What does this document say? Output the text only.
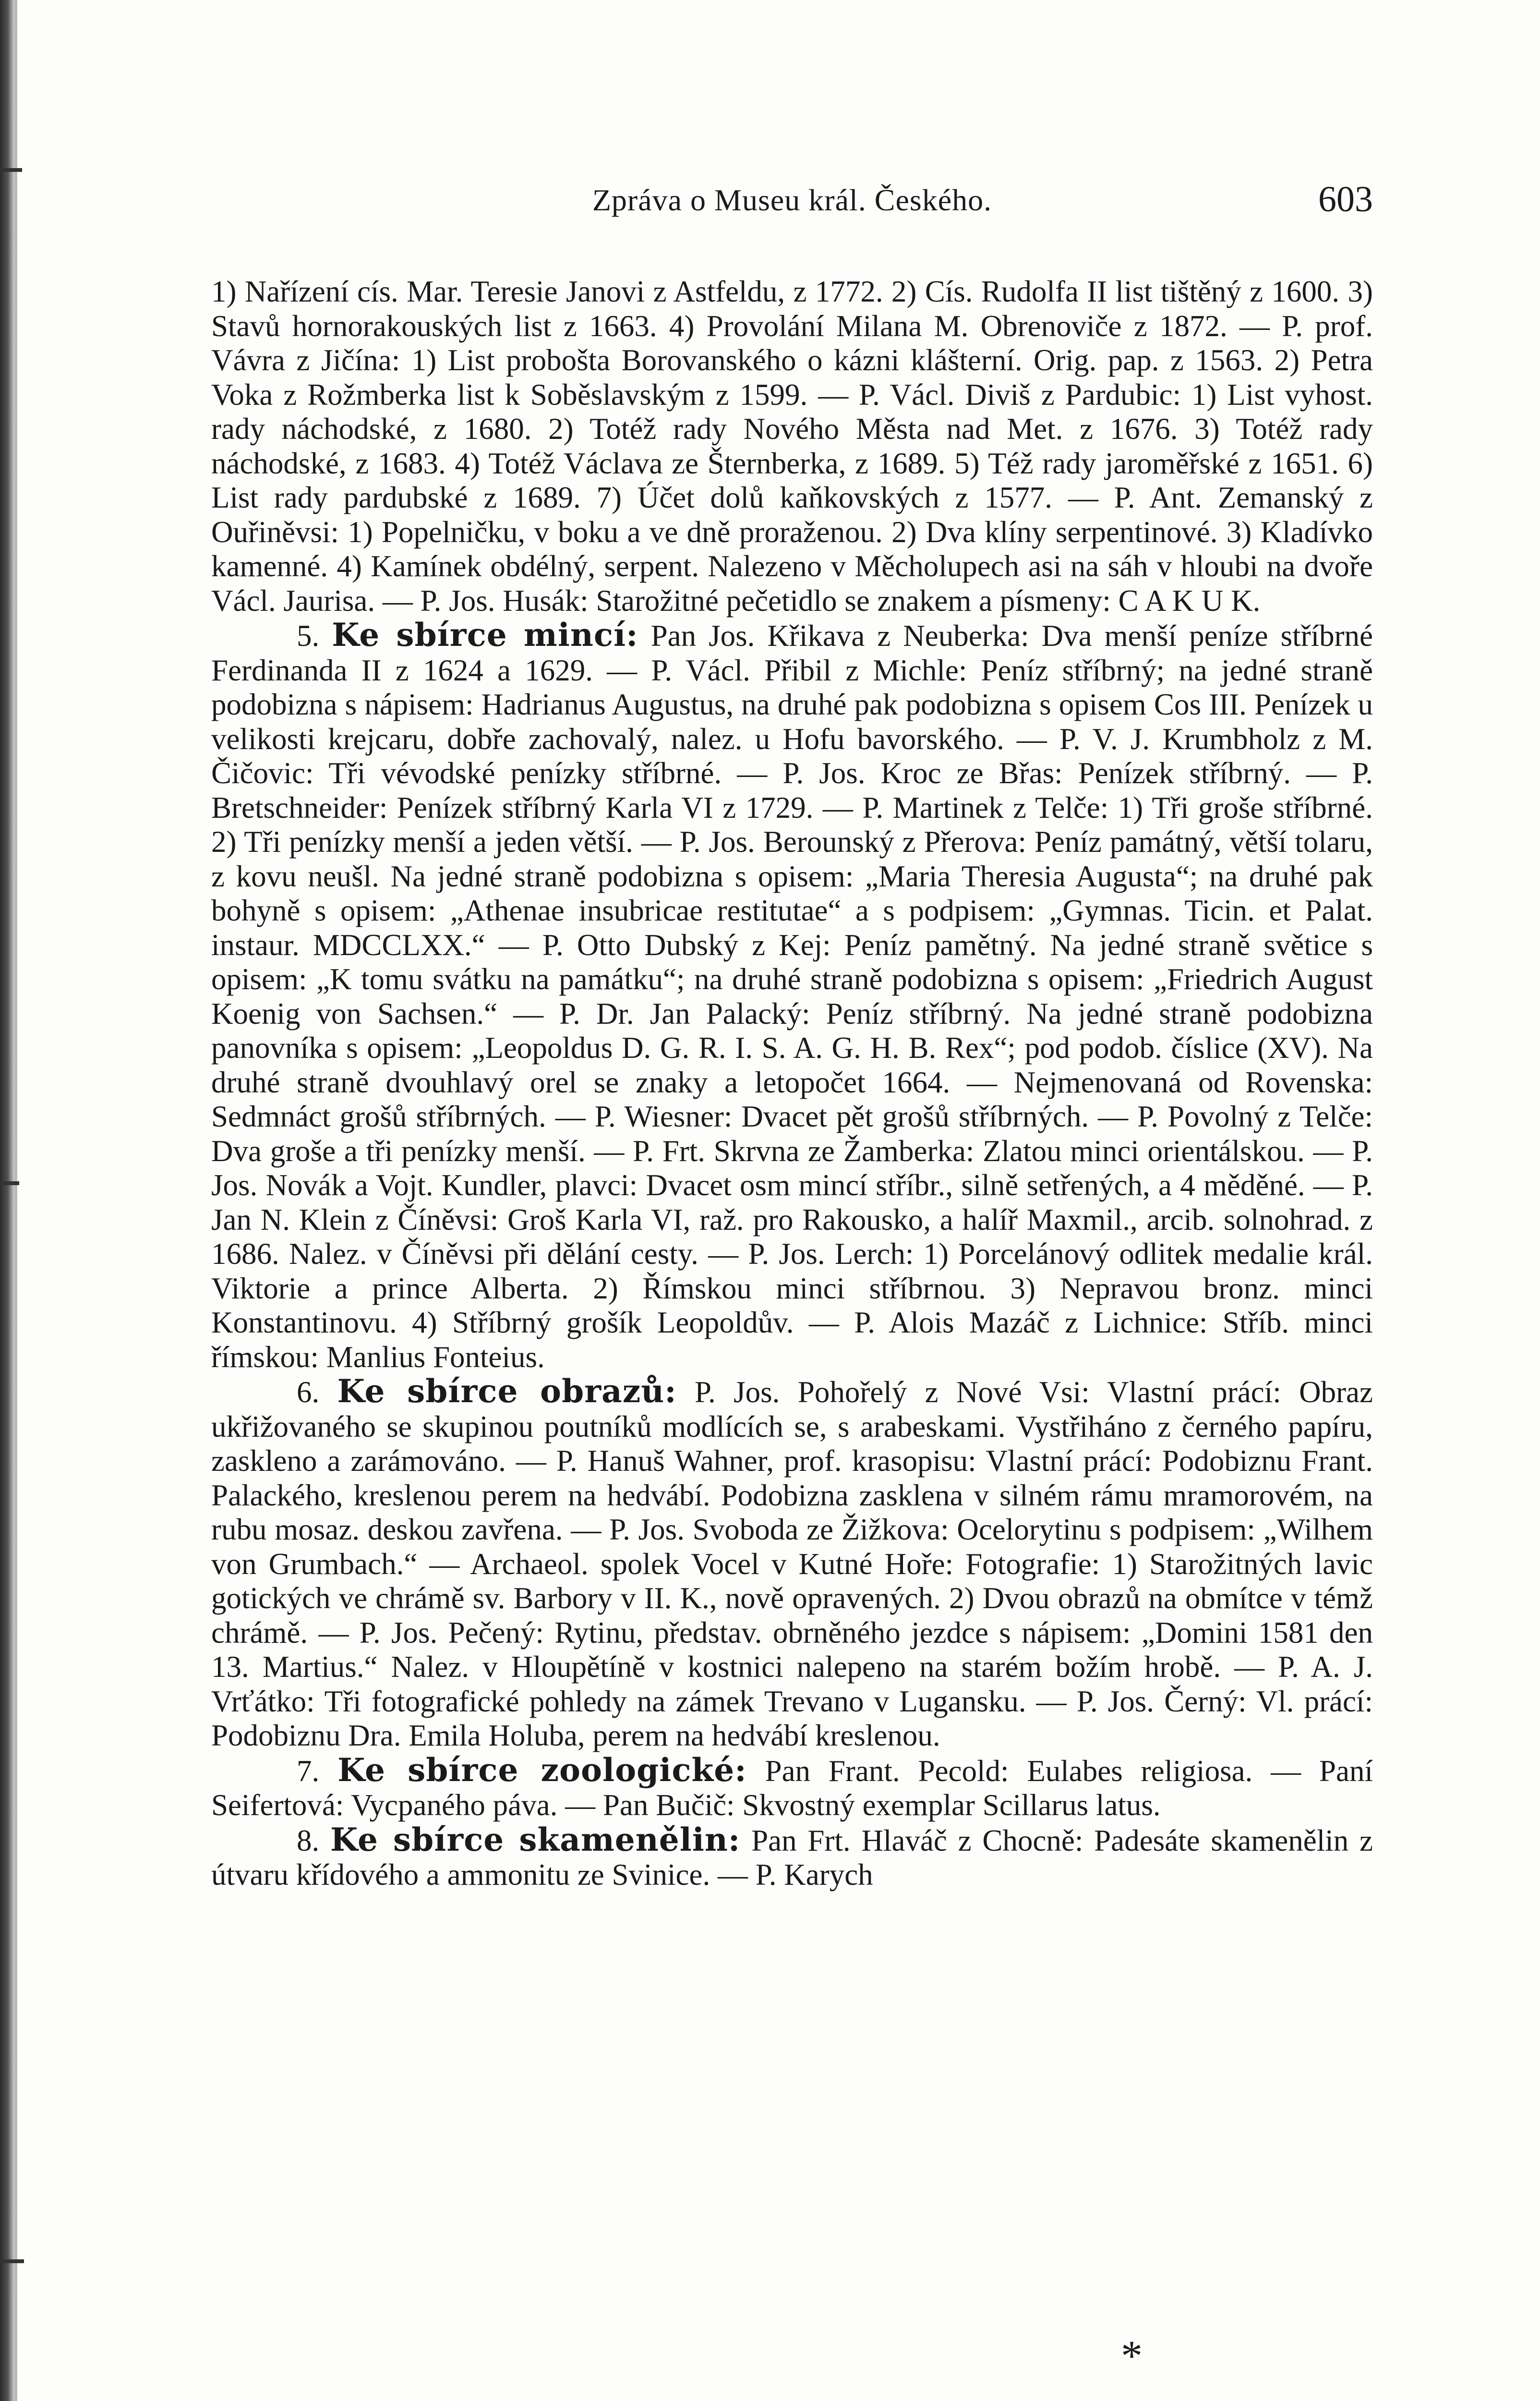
Zpráva o Museu král. Českého.	603

1) Nařízení cís. Mar. Teresie Janovi z Astfeldu, z 1772. 2) Cís. Rudolfa II list tištěný z 1600. 3) Stavů hornorakouských list z 1663. 4) Provolání Milana M. Obrenoviče z 1872. — P. prof. Vávra z Jičína: 1) List proboštа Borovanského o kázni klášterní. Orig. pap. z 1563. 2) Petra Voka z Rožmberka list k Soběslavským z 1599. — P. Václ. Diviš z Pardubic: 1) List vyhost. rady náchodské, z 1680. 2) Totéž rady Nového Města nad Met. z 1676. 3) Totéž rady náchodské, z 1683. 4) Totéž Václava ze Šternberka, z 1689. 5) Též rady jaroměřské z 1651. 6) List rady pardubské z 1689. 7) Účet dolů kaňkovských z 1577. — P. Ant. Zemanský z Ouřiněvsi: 1) Popelničku, v boku a ve dně proraženou. 2) Dva klíny serpentinové. 3) Kladívko kamenné. 4) Kamínek obdélný, serpent. Nalezeno v Měcholupech asi na sáh v hloubi na dvoře Václ. Jaurisa. — P. Jos. Husák: Starožitné pečetidlo se znakem a písmeny: C A K U K.

5. Ke sbírce mincí: Pan Jos. Křikava z Neuberka: Dva menší peníze stříbrné Ferdinanda II z 1624 a 1629. — P. Václ. Přibil z Michle: Peníz stříbrný; na jedné straně podobizna s nápisem: Hadrianus Augustus, na druhé pak podobizna s opisem Cos III. Penízek u velikosti krejcaru, dobře zachovalý, nalez. u Hofu bavorského. — P. V. J. Krumbholz z M. Čičovic: Tři vévodské penízky stříbrné. — P. Jos. Kroc ze Břas: Penízek stříbrný. — P. Bretschneider: Penízek stříbrný Karla VI z 1729. — P. Martinek z Telče: 1) Tři groše stříbrné. 2) Tři penízky menší a jeden větší. — P. Jos. Berounský z Přerova: Peníz památný, větší tolaru, z kovu neušl. Na jedné straně podobizna s opisem: „Maria Theresia Augusta“; na druhé pak bohyně s opisem: „Athenae insubricae restitutae“ a s podpisem: „Gymnas. Ticin. et Palat. instaur. MDCCLXX.“ — P. Otto Dubský z Kej: Peníz pamětný. Na jedné straně světice s opisem: „K tomu svátku na památku“; na druhé straně podobizna s opisem: „Friedrich August Koenig von Sachsen.“ — P. Dr. Jan Palacký: Peníz stříbrný. Na jedné straně podobizna panovníka s opisem: „Leopoldus D. G. R. I. S. A. G. H. B. Rex“; pod podob. číslice (XV). Na druhé straně dvouhlavý orel se znaky a letopočet 1664. — Nejmenovaná od Rovenska: Sedmnáct grošů stříbrných. — P. Wiesner: Dvacet pět grošů stříbrných. — P. Povolný z Telče: Dva groše a tři penízky menší. — P. Frt. Skrvna ze Žamberka: Zlatou minci orientálskou. — P. Jos. Novák a Vojt. Kundler, plavci: Dvacet osm mincí stříbr., silně setřených, a 4 měděné. — P. Jan N. Klein z Číněvsi: Groš Karla VI, raž. pro Rakousko, a halíř Maxmil., arcib. solnohrad. z 1686. Nalez. v Číněvsi při dělání cesty. — P. Jos. Lerch: 1) Porcelánový odlitek medalie král. Viktorie a prince Alberta. 2) Římskou minci stříbrnou. 3) Nepravou bronz. minci Konstantinovu. 4) Stříbrný grošík Leopoldův. — P. Alois Mazáč z Lichnice: Stříb. minci římskou: Manlius Fonteius.

6. Ke sbírce obrazů: P. Jos. Pohořelý z Nové Vsi: Vlastní prácí: Obraz ukřižovaného se skupinou poutníků modlících se, s arabeskami. Vystřiháno z černého papíru, zaskleno a zarámováno. — P. Hanuš Wahner, prof. krasopisu: Vlastní prácí: Podobiznu Frant. Palackého, kreslenou perem na hedvábí. Podobizna zasklena v silném rámu mramorovém, na rubu mosaz. deskou zavřena. — P. Jos. Svoboda ze Žižkova: Ocelorytinu s podpisem: „Wilhem von Grumbach.“ — Archaeol. spolek Vocel v Kutné Hoře: Fotografie: 1) Starožitných lavic gotických ve chrámě sv. Barbory v II. K., nově opravených. 2) Dvou obrazů na obmítce v témž chrámě. — P. Jos. Pečený: Rytinu, představ. obrněného jezdce s nápisem: „Domini 1581 den 13. Martius.“ Nalez. v Hloupětíně v kostnici nalepeno na starém božím hrobě. — P. A. J. Vrťátko: Tři fotografické pohledy na zámek Trevano v Lugansku. — P. Jos. Černý: Vl. prácí: Podobiznu Dra. Emila Holuba, perem na hedvábí kreslenou.

7. Ke sbírce zoologické: Pan Frant. Pecold: Eulabes religiosa. — Paní Seifertová: Vycpaného páva. — Pan Bučič: Skvostný exemplar Scillarus latus.

8. Ke sbírce skamenělin: Pan Frt. Hlaváč z Chocně: Padesáte skamenělin z útvaru křídového a ammonitu ze Svinice. — P. Karych

*
